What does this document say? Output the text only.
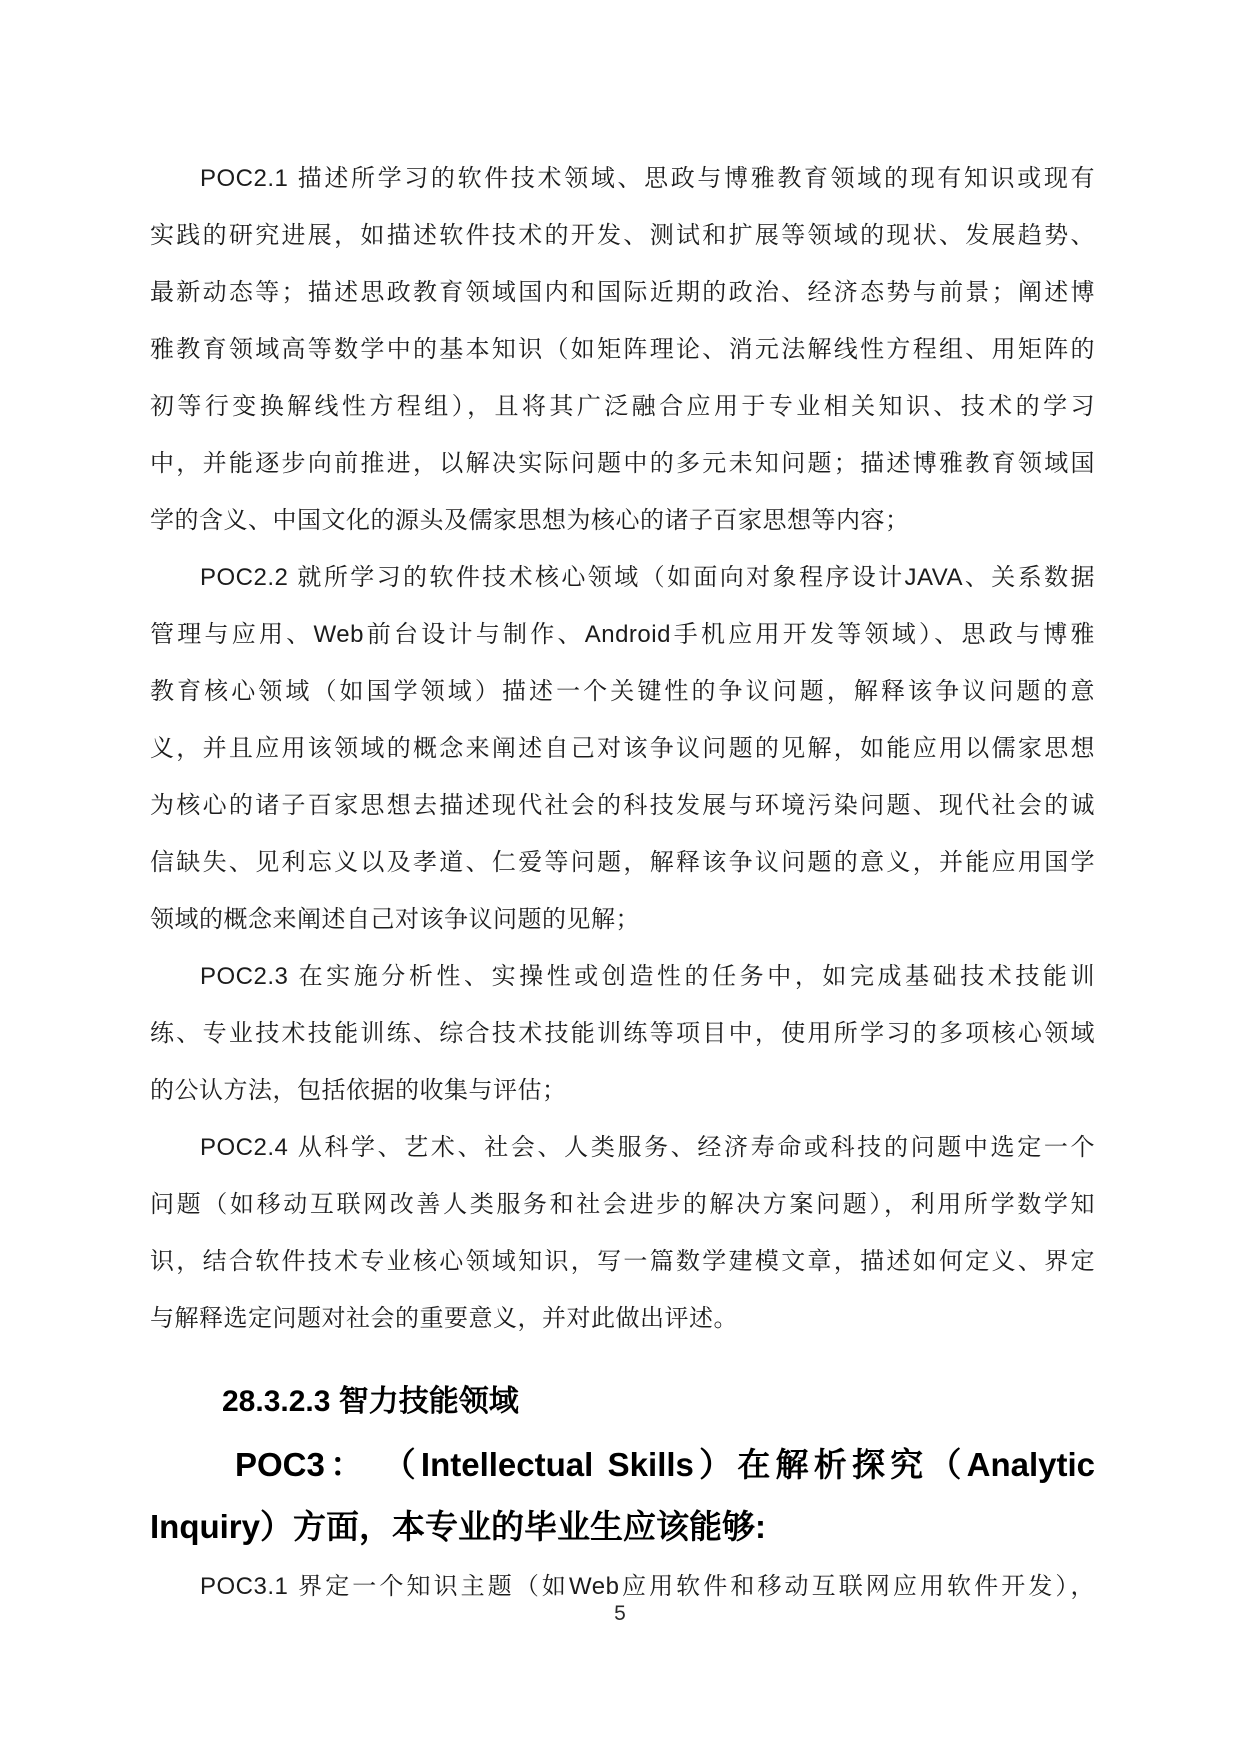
POC2.1 描述所学习的软件技术领域、思政与博雅教育领域的现有知识或现有
实践的研究进展，如描述软件技术的开发、测试和扩展等领域的现状、发展趋势、
最新动态等；描述思政教育领域国内和国际近期的政治、经济态势与前景；阐述博
雅教育领域高等数学中的基本知识（如矩阵理论、消元法解线性方程组、用矩阵的
初等行变换解线性方程组），且将其广泛融合应用于专业相关知识、技术的学习
中，并能逐步向前推进，以解决实际问题中的多元未知问题；描述博雅教育领域国
学的含义、中国文化的源头及儒家思想为核心的诸子百家思想等内容；
POC2.2 就所学习的软件技术核心领域（如面向对象程序设计JAVA、关系数据
管理与应用、Web前台设计与制作、Android手机应用开发等领域）、思政与博雅
教育核心领域（如国学领域）描述一个关键性的争议问题，解释该争议问题的意
义，并且应用该领域的概念来阐述自己对该争议问题的见解，如能应用以儒家思想
为核心的诸子百家思想去描述现代社会的科技发展与环境污染问题、现代社会的诚
信缺失、见利忘义以及孝道、仁爱等问题，解释该争议问题的意义，并能应用国学
领域的概念来阐述自己对该争议问题的见解；
POC2.3 在实施分析性、实操性或创造性的任务中，如完成基础技术技能训
练、专业技术技能训练、综合技术技能训练等项目中，使用所学习的多项核心领域
的公认方法，包括依据的收集与评估；
POC2.4 从科学、艺术、社会、人类服务、经济寿命或科技的问题中选定一个
问题（如移动互联网改善人类服务和社会进步的解决方案问题），利用所学数学知
识，结合软件技术专业核心领域知识，写一篇数学建模文章，描述如何定义、界定
与解释选定问题对社会的重要意义，并对此做出评述。
28.3.2.3 智力技能领域
POC3： （Intellectual Skills）在解析探究（Analytic
Inquiry）方面，本专业的毕业生应该能够:
POC3.1 界定一个知识主题（如Web应用软件和移动互联网应用软件开发），
5
